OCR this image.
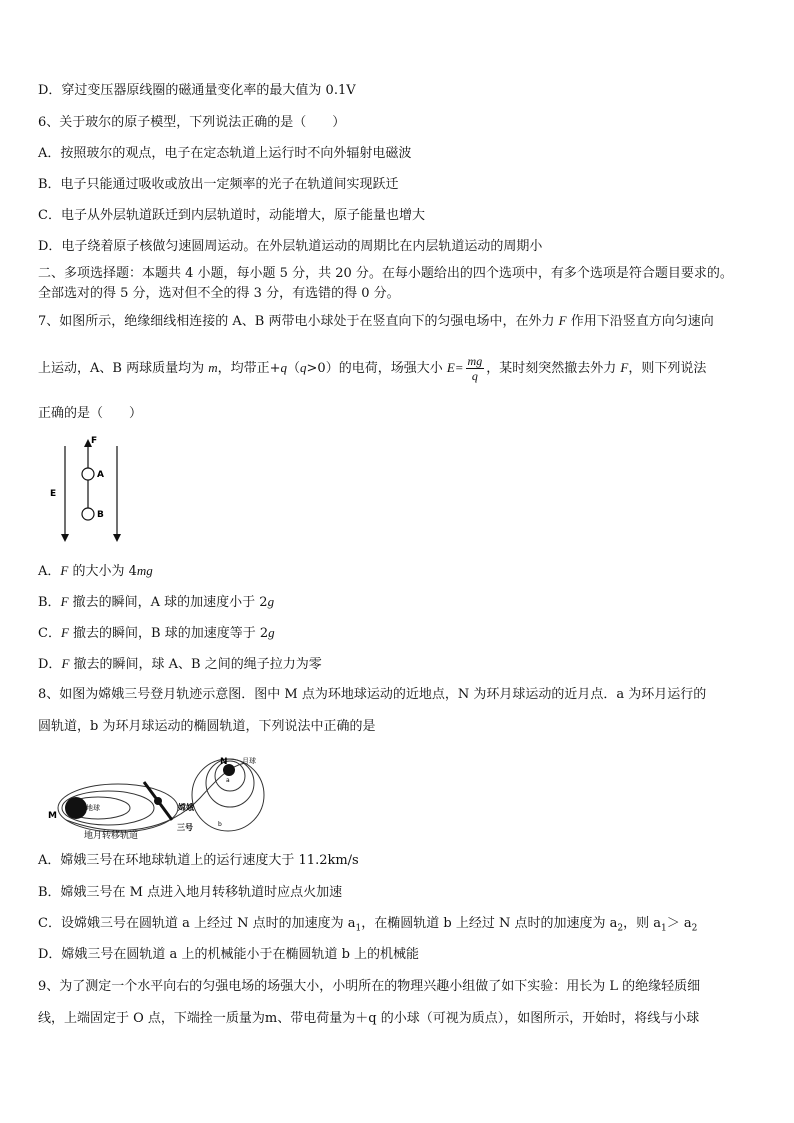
D．穿过变压器原线圈的磁通量变化率的最大值为 0.1V
6、关于玻尔的原子模型，下列说法正确的是（　　）
A．按照玻尔的观点，电子在定态轨道上运行时不向外辐射电磁波
B．电子只能通过吸收或放出一定频率的光子在轨道间实现跃迁
C．电子从外层轨道跃迁到内层轨道时，动能增大，原子能量也增大
D．电子绕着原子核做匀速圆周运动。在外层轨道运动的周期比在内层轨道运动的周期小
二、多项选择题：本题共 4 小题，每小题 5 分，共 20 分。在每小题给出的四个选项中，有多个选项是符合题目要求的。
全部选对的得 5 分，选对但不全的得 3 分，有选错的得 0 分。
7、如图所示，绝缘细线相连接的 A、B 两带电小球处于在竖直向下的匀强电场中，在外力 F 作用下沿竖直方向匀速向
上运动，A、B 两球质量均为 m，均带正+q（q>0）的电荷，场强大小 $E= \frac{mg}{q}$ ，某时刻突然撤去外力 F，则下列说法
正确的是（　　）
F
E
A
B
A．F 的大小为 4mg
B．F 撤去的瞬间，A 球的加速度小于 2g
C．F 撤去的瞬间，B 球的加速度等于 2g
D．F 撤去的瞬间，球 A、B 之间的绳子拉力为零
8、如图为嫦娥三号登月轨迹示意图．图中 M 点为环地球运动的近地点，N 为环月球运动的近月点．a 为环月运行的
圆轨道，b 为环月球运动的椭圆轨道，下列说法中正确的是
M
地球
地月转移轨道
嫦娥
三号
N 月球
a
b
A．嫦娥三号在环地球轨道上的运行速度大于 11.2km/s
B．嫦娥三号在 M 点进入地月转移轨道时应点火加速
C．设嫦娥三号在圆轨道 a 上经过 N 点时的加速度为 $a_1$，在椭圆轨道 b 上经过 N 点时的加速度为 $a_2$，则 $a_1> a_2$
D．嫦娥三号在圆轨道 a 上的机械能小于在椭圆轨道 b 上的机械能
9、为了测定一个水平向右的匀强电场的场强大小，小明所在的物理兴趣小组做了如下实验：用长为 L 的绝缘轻质细
线，上端固定于 O 点，下端拴一质量为m、带电荷量为＋q 的小球（可视为质点），如图所示，开始时，将线与小球
